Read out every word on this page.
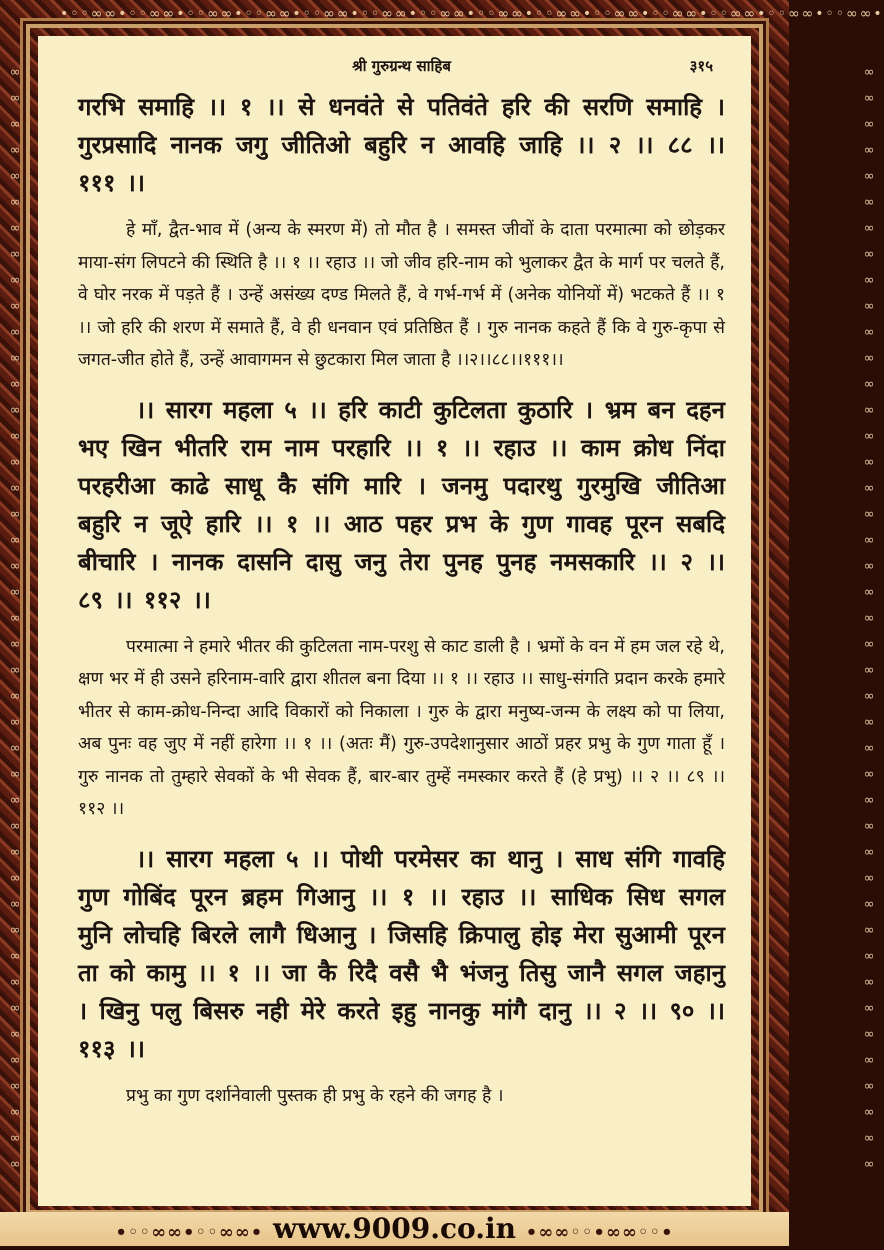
•◦◦∞∞•◦◦∞∞•◦◦∞∞•◦◦∞∞•◦◦∞∞•◦◦∞∞•◦◦∞∞•◦◦∞∞•◦◦∞∞•◦◦∞∞•◦◦∞∞•◦◦∞∞•◦◦∞∞•◦◦∞∞•
∞
∞
∞
∞
∞
∞
∞
∞
∞
∞
∞
∞
∞
∞
∞
∞
∞
∞
∞
∞
∞
∞
∞
∞
∞
∞
∞
∞
∞
∞
∞
∞
∞
∞
∞
∞
∞
∞
∞
∞
∞
∞
∞
∞
∞
∞
∞
∞
∞
∞
∞
∞
∞
∞
∞
∞
∞
∞
∞
∞
∞
∞
∞
∞
∞
∞
∞
∞
∞
∞
∞
∞
∞
∞
∞
∞
∞
∞
∞
∞
∞
∞
∞
∞
∞
∞
श्री गुरुग्रन्थ साहिब	३१५

गरभि समाहि ।। १ ।। से धनवंते से पतिवंते हरि की सरणि समाहि । गुरप्रसादि नानक जगु जीतिओ बहुरि न आवहि जाहि ।। २ ।। ८८ ।। १११ ।।

हे माँ, द्वैत-भाव में (अन्य के स्मरण में) तो मौत है । समस्त जीवों के दाता परमात्मा को छोड़कर माया-संग लिपटने की स्थिति है ।। १ ।। रहाउ ।। जो जीव हरि-नाम को भुलाकर द्वैत के मार्ग पर चलते हैं, वे घोर नरक में पड़ते हैं । उन्हें असंख्य दण्ड मिलते हैं, वे गर्भ-गर्भ में (अनेक योनियों में) भटकते हैं ।। १ ।। जो हरि की शरण में समाते हैं, वे ही धनवान एवं प्रतिष्ठित हैं । गुरु नानक कहते हैं कि वे गुरु-कृपा से जगत-जीत होते हैं, उन्हें आवागमन से छुटकारा मिल जाता है ।।२।।८८।।१११।।

।। सारग महला ५ ।। हरि काटी कुटिलता कुठारि । भ्रम बन दहन भए खिन भीतरि राम नाम परहारि ।। १ ।। रहाउ ।। काम क्रोध निंदा परहरीआ काढे साधू कै संगि मारि । जनमु पदारथु गुरमुखि जीतिआ बहुरि न जूऐ हारि ।। १ ।। आठ पहर प्रभ के गुण गावह पूरन सबदि बीचारि । नानक दासनि दासु जनु तेरा पुनह पुनह नमसकारि ।। २ ।। ८९ ।। ११२ ।।

परमात्मा ने हमारे भीतर की कुटिलता नाम-परशु से काट डाली है । भ्रमों के वन में हम जल रहे थे, क्षण भर में ही उसने हरिनाम-वारि द्वारा शीतल बना दिया ।। १ ।। रहाउ ।। साधु-संगति प्रदान करके हमारे भीतर से काम-क्रोध-निन्दा आदि विकारों को निकाला । गुरु के द्वारा मनुष्य-जन्म के लक्ष्य को पा लिया, अब पुनः वह जुए में नहीं हारेगा ।। १ ।। (अतः मैं) गुरु-उपदेशानुसार आठों प्रहर प्रभु के गुण गाता हूँ । गुरु नानक तो तुम्हारे सेवकों के भी सेवक हैं, बार-बार तुम्हें नमस्कार करते हैं (हे प्रभु) ।। २ ।। ८९ ।। ११२ ।।

।। सारग महला ५ ।। पोथी परमेसर का थानु । साध संगि गावहि गुण गोबिंद पूरन ब्रहम गिआनु ।। १ ।। रहाउ ।। साधिक सिध सगल मुनि लोचहि बिरले लागै धिआनु । जिसहि क्रिपालु होइ मेरा सुआमी पूरन ता को कामु ।। १ ।। जा कै रिदै वसै भै भंजनु तिसु जानै सगल जहानु । खिनु पलु बिसरु नही मेरे करते इहु नानकु मांगै दानु ।। २ ।। ९० ।। ११३ ।।

प्रभु का गुण दर्शानेवाली पुस्तक ही प्रभु के रहने की जगह है ।

•◦◦∞∞•◦◦∞∞• www.9009.co.in •∞∞◦◦•∞∞◦◦•
